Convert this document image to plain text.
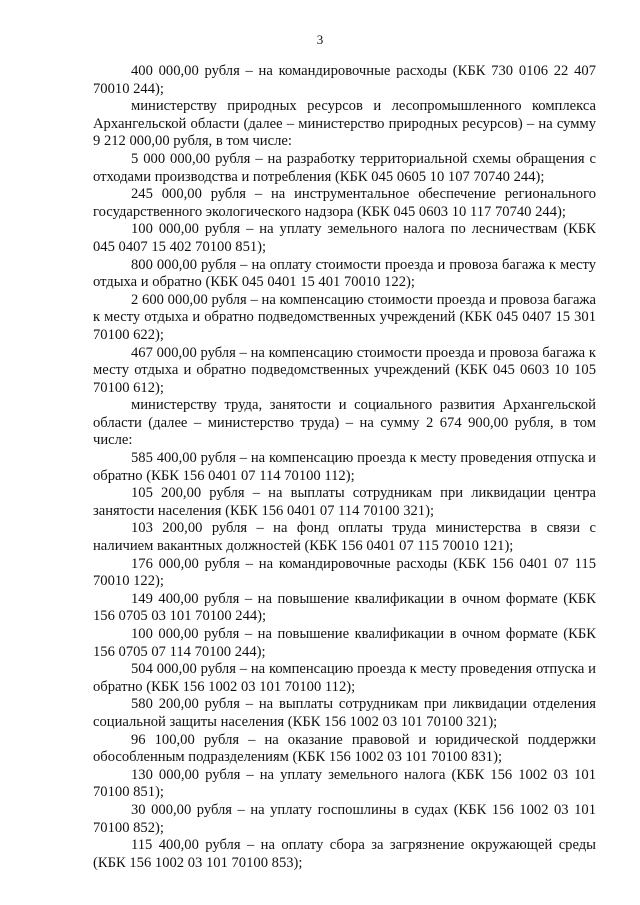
3

400 000,00 рубля – на командировочные расходы (КБК 730 0106 22 407 70010 244);

министерству природных ресурсов и лесопромышленного комплекса Архангельской области (далее – министерство природных ресурсов) – на сумму 9 212 000,00 рубля, в том числе:

5 000 000,00 рубля – на разработку территориальной схемы обращения с отходами производства и потребления (КБК 045 0605 10 107 70740 244);

245 000,00 рубля – на инструментальное обеспечение регионального государственного экологического надзора (КБК 045 0603 10 117 70740 244);

100 000,00 рубля – на уплату земельного налога по лесничествам (КБК 045 0407 15 402 70100 851);

800 000,00 рубля – на оплату стоимости проезда и провоза багажа к месту отдыха и обратно (КБК 045 0401 15 401 70010 122);

2 600 000,00 рубля – на компенсацию стоимости проезда и провоза багажа к месту отдыха и обратно подведомственных учреждений (КБК 045 0407 15 301 70100 622);

467 000,00 рубля – на компенсацию стоимости проезда и провоза багажа к месту отдыха и обратно подведомственных учреждений (КБК 045 0603 10 105 70100 612);

министерству труда, занятости и социального развития Архангельской области (далее – министерство труда) – на сумму 2 674 900,00 рубля, в том числе:

585 400,00 рубля – на компенсацию проезда к месту проведения отпуска и обратно (КБК 156 0401 07 114 70100 112);

105 200,00 рубля – на выплаты сотрудникам при ликвидации центра занятости населения (КБК 156 0401 07 114 70100 321);

103 200,00 рубля – на фонд оплаты труда министерства в связи с наличием вакантных должностей (КБК 156 0401 07 115 70010 121);

176 000,00 рубля – на командировочные расходы (КБК 156 0401 07 115 70010 122);

149 400,00 рубля – на повышение квалификации в очном формате (КБК 156 0705 03 101 70100 244);

100 000,00 рубля – на повышение квалификации в очном формате (КБК 156 0705 07 114 70100 244);

504 000,00 рубля – на компенсацию проезда к месту проведения отпуска и обратно (КБК 156 1002 03 101 70100 112);

580 200,00 рубля – на выплаты сотрудникам при ликвидации отделения социальной защиты населения (КБК 156 1002 03 101 70100 321);

96 100,00 рубля – на оказание правовой и юридической поддержки обособленным подразделениям (КБК 156 1002 03 101 70100 831);

130 000,00 рубля – на уплату земельного налога (КБК 156 1002 03 101 70100 851);

30 000,00 рубля – на уплату госпошлины в судах (КБК 156 1002 03 101 70100 852);

115 400,00 рубля – на оплату сбора за загрязнение окружающей среды (КБК 156 1002 03 101 70100 853);
